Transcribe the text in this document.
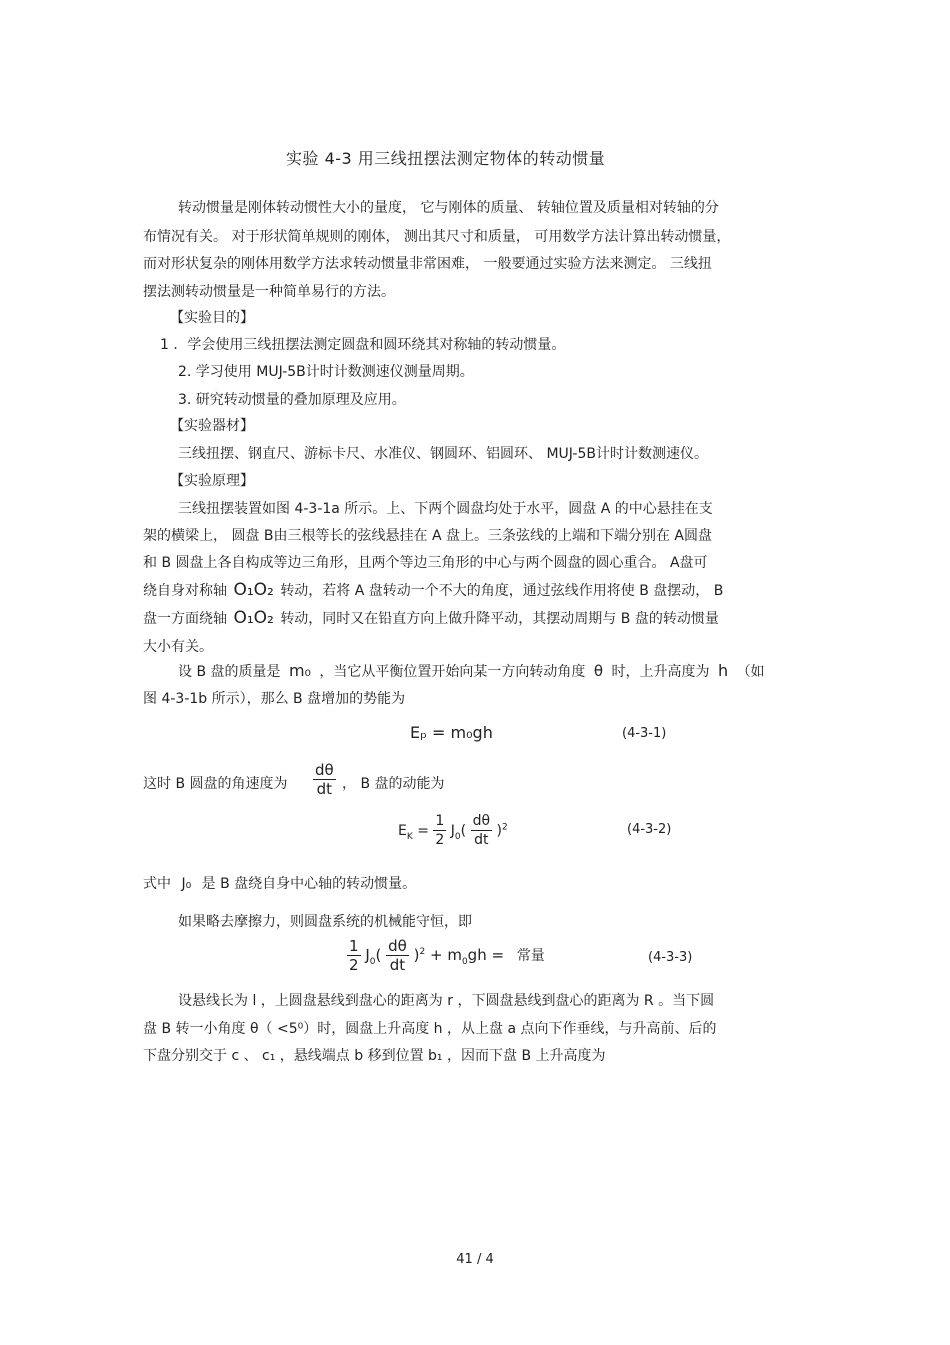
实验 4-3 用三线扭摆法测定物体的转动惯量
转动惯量是刚体转动惯性大小的量度， 它与刚体的质量、 转轴位置及质量相对转轴的分
布情况有关。 对于形状简单规则的刚体， 测出其尺寸和质量， 可用数学方法计算出转动惯量，
而对形状复杂的刚体用数学方法求转动惯量非常困难， 一般要通过实验方法来测定。 三线扭
摆法测转动惯量是一种简单易行的方法。
【实验目的】
1 ．学会使用三线扭摆法测定圆盘和圆环绕其对称轴的转动惯量。
2. 学习使用 MUJ-5B计时计数测速仪测量周期。
3. 研究转动惯量的叠加原理及应用。
【实验器材】
三线扭摆、钢直尺、游标卡尺、水准仪、钢圆环、铝圆环、 MUJ-5B计时计数测速仪。
【实验原理】
三线扭摆装置如图 4-3-1a 所示。上、下两个圆盘均处于水平，圆盘 A 的中心悬挂在支
架的横梁上， 圆盘 B由三根等长的弦线悬挂在 A 盘上。三条弦线的上端和下端分别在 A圆盘
和 B 圆盘上各自构成等边三角形，且两个等边三角形的中心与两个圆盘的圆心重合。 A盘可
绕自身对称轴 O₁O₂ 转动，若将 A 盘转动一个不大的角度，通过弦线作用将使 B 盘摆动， B
盘一方面绕轴 O₁O₂ 转动，同时又在铅直方向上做升降平动，其摆动周期与 B 盘的转动惯量
大小有关。
设 B 盘的质量是 m₀ ，当它从平衡位置开始向某一方向转动角度 θ 时，上升高度为 h （如
图 4-3-1b 所示），那么 B 盘增加的势能为
Eₚ = m₀gh	(4-3-1)
这时 B 圆盘的角速度为 $\frac{d\theta}{dt}$ ， B 盘的动能为
$E_K = \frac{1}{2} J_0( \frac{d\theta}{dt} )^2$	(4-3-2)
式中 J₀ 是 B 盘绕自身中心轴的转动惯量。
如果略去摩擦力，则圆盘系统的机械能守恒，即
$\frac{1}{2} J_0( \frac{d\theta}{dt} )^2 + m_0gh$ = 常量	(4-3-3)
设悬线长为 l ，上圆盘悬线到盘心的距离为 r ，下圆盘悬线到盘心的距离为 R 。当下圆
盘 B 转一小角度 θ（ <5⁰）时，圆盘上升高度 h ，从上盘 a 点向下作垂线，与升高前、后的
下盘分别交于 c 、 c₁ ，悬线端点 b 移到位置 b₁ ，因而下盘 B 上升高度为
41 / 4
